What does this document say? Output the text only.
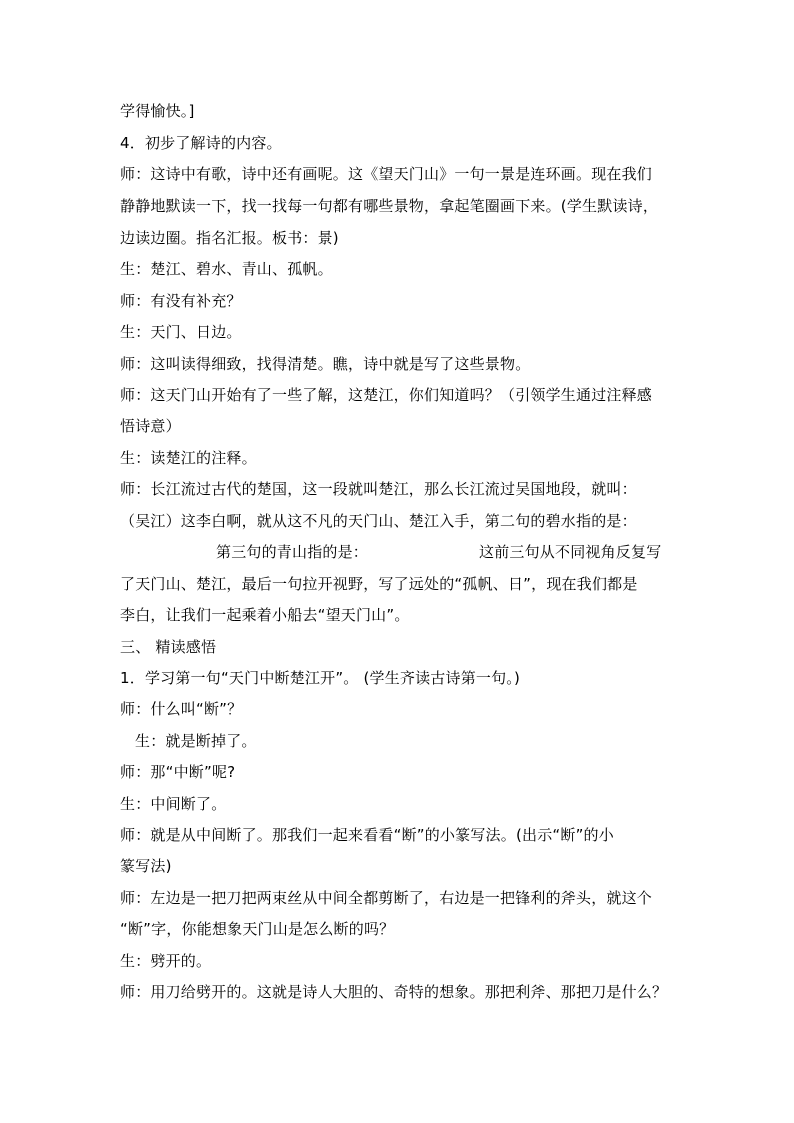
学得愉快。]
4．初步了解诗的内容。
师：这诗中有歌，诗中还有画呢。这《望天门山》一句一景是连环画。现在我们
静静地默读一下，找一找每一句都有哪些景物，拿起笔圈画下来。(学生默读诗，
边读边圈。指名汇报。板书：景)
生：楚江、碧水、青山、孤帆。
师：有没有补充？
生：天门、日边。
师：这叫读得细致，找得清楚。瞧，诗中就是写了这些景物。
师：这天门山开始有了一些了解，这楚江，你们知道吗？（引领学生通过注释感
悟诗意）
生：读楚江的注释。
师：长江流过古代的楚国，这一段就叫楚江，那么长江流过吴国地段，就叫：
（吴江）这李白啊，就从这不凡的天门山、楚江入手，第二句的碧水指的是：
第三句的青山指的是：	这前三句从不同视角反复写
了天门山、楚江，最后一句拉开视野，写了远处的“孤帆、日”，现在我们都是
李白，让我们一起乘着小船去“望天门山”。
三、 精读感悟
1．学习第一句“天门中断楚江开”。 (学生齐读古诗第一句。)
师：什么叫“断”？
生：就是断掉了。
师：那“中断”呢?
生：中间断了。
师：就是从中间断了。那我们一起来看看“断”的小篆写法。(出示“断”的小
篆写法)
师：左边是一把刀把两束丝从中间全都剪断了，右边是一把锋利的斧头，就这个
“断”字，你能想象天门山是怎么断的吗？
生：劈开的。
师：用刀给劈开的。这就是诗人大胆的、奇特的想象。那把利斧、那把刀是什么？
